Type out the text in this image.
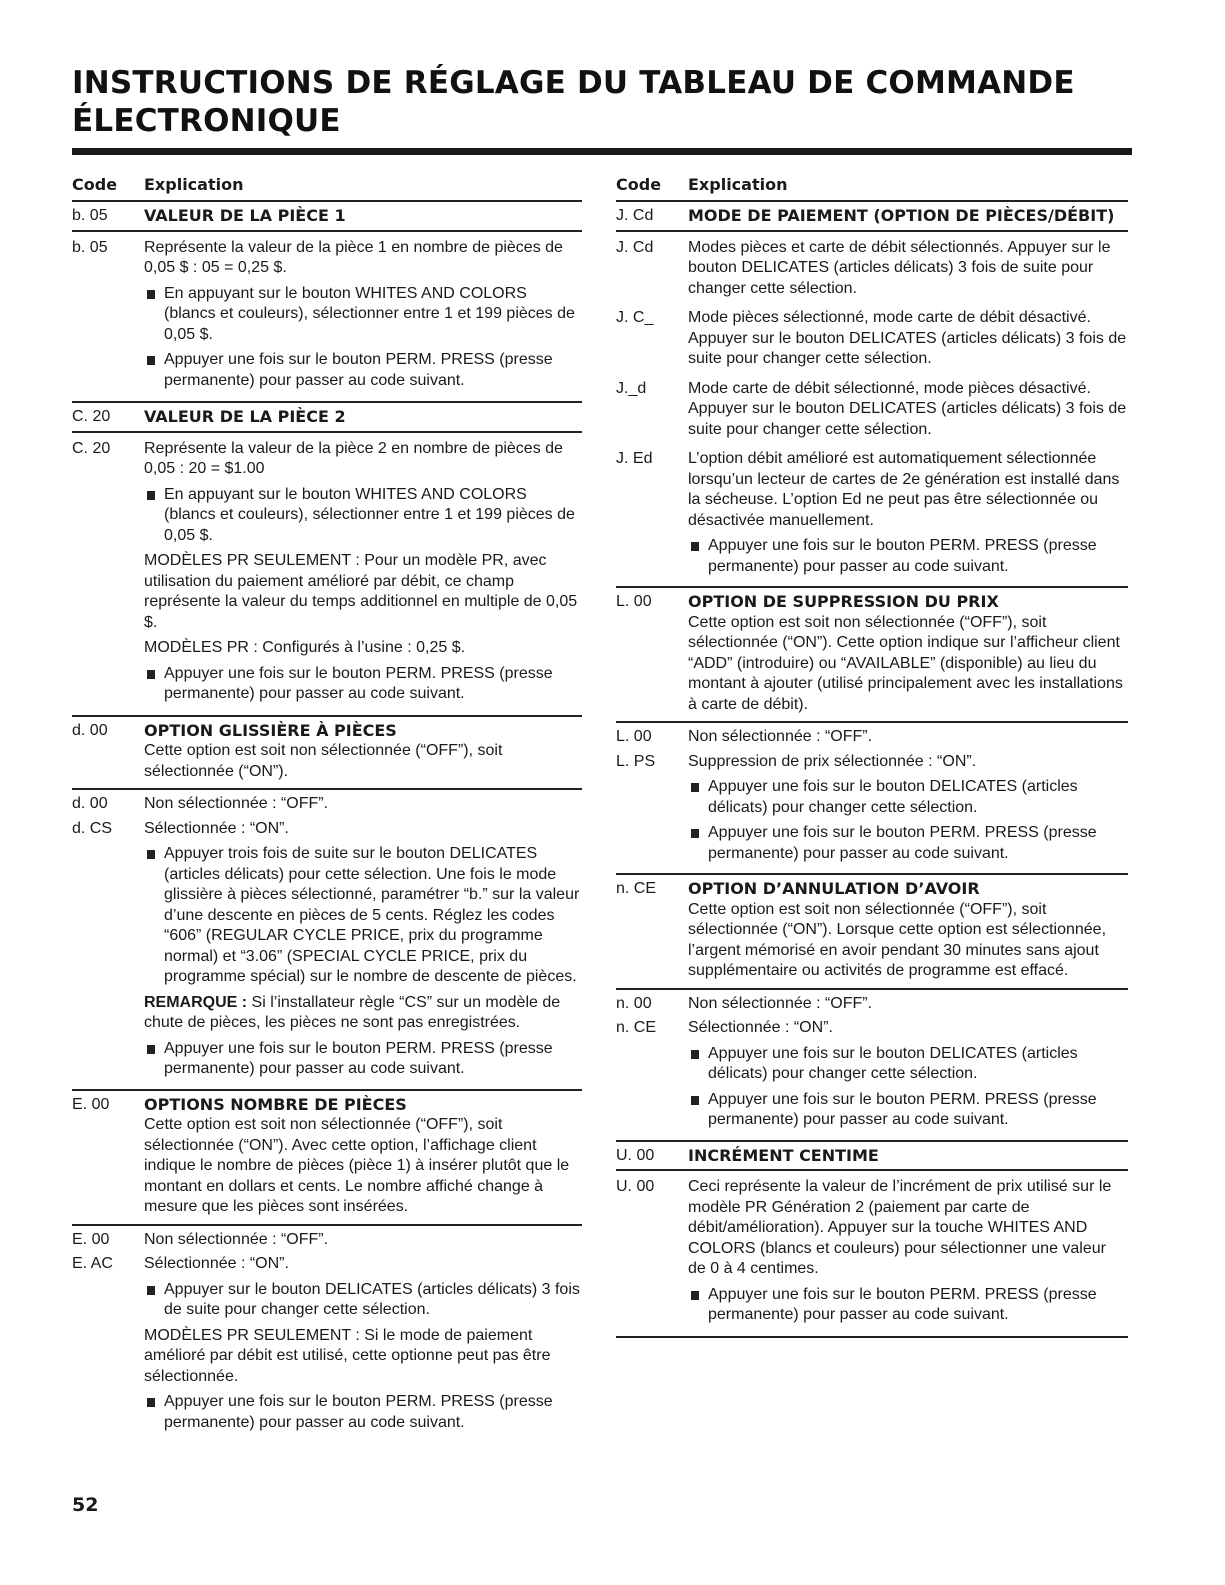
INSTRUCTIONS DE RÉGLAGE DU TABLEAU DE COMMANDE
ÉLECTRONIQUE
Code	Explication
b. 05	VALEUR DE LA PIÈCE 1
b. 05	Représente la valeur de la pièce 1 en nombre de pièces de 0,05 $ : 05 = 0,25 $.

En appuyant sur le bouton WHITES AND COLORS (blancs et couleurs), sélectionner entre 1 et 199 pièces de 0,05 $.
Appuyer une fois sur le bouton PERM. PRESS (presse permanente) pour passer au code suivant.
C. 20	VALEUR DE LA PIÈCE 2
C. 20	Représente la valeur de la pièce 2 en nombre de pièces de 0,05 : 20 = $1.00

En appuyant sur le bouton WHITES AND COLORS (blancs et couleurs), sélectionner entre 1 et 199 pièces de 0,05 $.

MODÈLES PR SEULEMENT : Pour un modèle PR, avec utilisation du paiement amélioré par débit, ce champ représente la valeur du temps additionnel en multiple de 0,05 $.

MODÈLES PR : Configurés à l’usine : 0,25 $.

Appuyer une fois sur le bouton PERM. PRESS (presse permanente) pour passer au code suivant.
d. 00	OPTION GLISSIÈRE À PIÈCES
Cette option est soit non sélectionnée (“OFF”), soit sélectionnée (“ON”).
d. 00	Non sélectionnée : “OFF”.
d. CS	Sélectionnée : “ON”.

Appuyer trois fois de suite sur le bouton DELICATES (articles délicats) pour cette sélection. Une fois le mode glissière à pièces sélectionné, paramétrer “b.” sur la valeur d’une descente en pièces de 5 cents. Réglez les codes “606” (REGULAR CYCLE PRICE, prix du programme normal) et “3.06” (SPECIAL CYCLE PRICE, prix du programme spécial) sur le nombre de descente de pièces.

REMARQUE : Si l’installateur règle “CS” sur un modèle de chute de pièces, les pièces ne sont pas enregistrées.

Appuyer une fois sur le bouton PERM. PRESS (presse permanente) pour passer au code suivant.
E. 00	OPTIONS NOMBRE DE PIÈCES
Cette option est soit non sélectionnée (“OFF”), soit sélectionnée (“ON”). Avec cette option, l’affichage client indique le nombre de pièces (pièce 1) à insérer plutôt que le montant en dollars et cents. Le nombre affiché change à mesure que les pièces sont insérées.
E. 00	Non sélectionnée : “OFF”.
E. AC	Sélectionnée : “ON”.

Appuyer sur le bouton DELICATES (articles délicats) 3 fois de suite pour changer cette sélection.

MODÈLES PR SEULEMENT : Si le mode de paiement amélioré par débit est utilisé, cette optionne peut pas être sélectionnée.

Appuyer une fois sur le bouton PERM. PRESS (presse permanente) pour passer au code suivant.
Code	Explication
J. Cd	MODE DE PAIEMENT (OPTION DE PIÈCES/DÉBIT)
J. Cd	Modes pièces et carte de débit sélectionnés. Appuyer sur le bouton DELICATES (articles délicats) 3 fois de suite pour changer cette sélection.

J. C_	Mode pièces sélectionné, mode carte de débit désactivé. Appuyer sur le bouton DELICATES (articles délicats) 3 fois de suite pour changer cette sélection.

J._d	Mode carte de débit sélectionné, mode pièces désactivé. Appuyer sur le bouton DELICATES (articles délicats) 3 fois de suite pour changer cette sélection.

J. Ed	L’option débit amélioré est automatiquement sélectionnée lorsqu’un lecteur de cartes de 2e génération est installé dans la sécheuse. L’option Ed ne peut pas être sélectionnée ou désactivée manuellement.

Appuyer une fois sur le bouton PERM. PRESS (presse permanente) pour passer au code suivant.
L. 00	OPTION DE SUPPRESSION DU PRIX
Cette option est soit non sélectionnée (“OFF”), soit sélectionnée (“ON”). Cette option indique sur l’afficheur client “ADD” (introduire) ou “AVAILABLE” (disponible) au lieu du montant à ajouter (utilisé principalement avec les installations à carte de débit).
L. 00	Non sélectionnée : “OFF”.
L. PS	Suppression de prix sélectionnée : “ON”.

Appuyer une fois sur le bouton DELICATES (articles délicats) pour changer cette sélection.
Appuyer une fois sur le bouton PERM. PRESS (presse permanente) pour passer au code suivant.
n. CE	OPTION D’ANNULATION D’AVOIR
Cette option est soit non sélectionnée (“OFF”), soit sélectionnée (“ON”). Lorsque cette option est sélectionnée, l’argent mémorisé en avoir pendant 30 minutes sans ajout supplémentaire ou activités de programme est effacé.
n. 00	Non sélectionnée : “OFF”.
n. CE	Sélectionnée : “ON”.

Appuyer une fois sur le bouton DELICATES (articles délicats) pour changer cette sélection.
Appuyer une fois sur le bouton PERM. PRESS (presse permanente) pour passer au code suivant.
U. 00	INCRÉMENT CENTIME
U. 00	Ceci représente la valeur de l’incrément de prix utilisé sur le modèle PR Génération 2 (paiement par carte de débit/amélioration). Appuyer sur la touche WHITES AND COLORS (blancs et couleurs) pour sélectionner une valeur de 0 à 4 centimes.

Appuyer une fois sur le bouton PERM. PRESS (presse permanente) pour passer au code suivant.
52
